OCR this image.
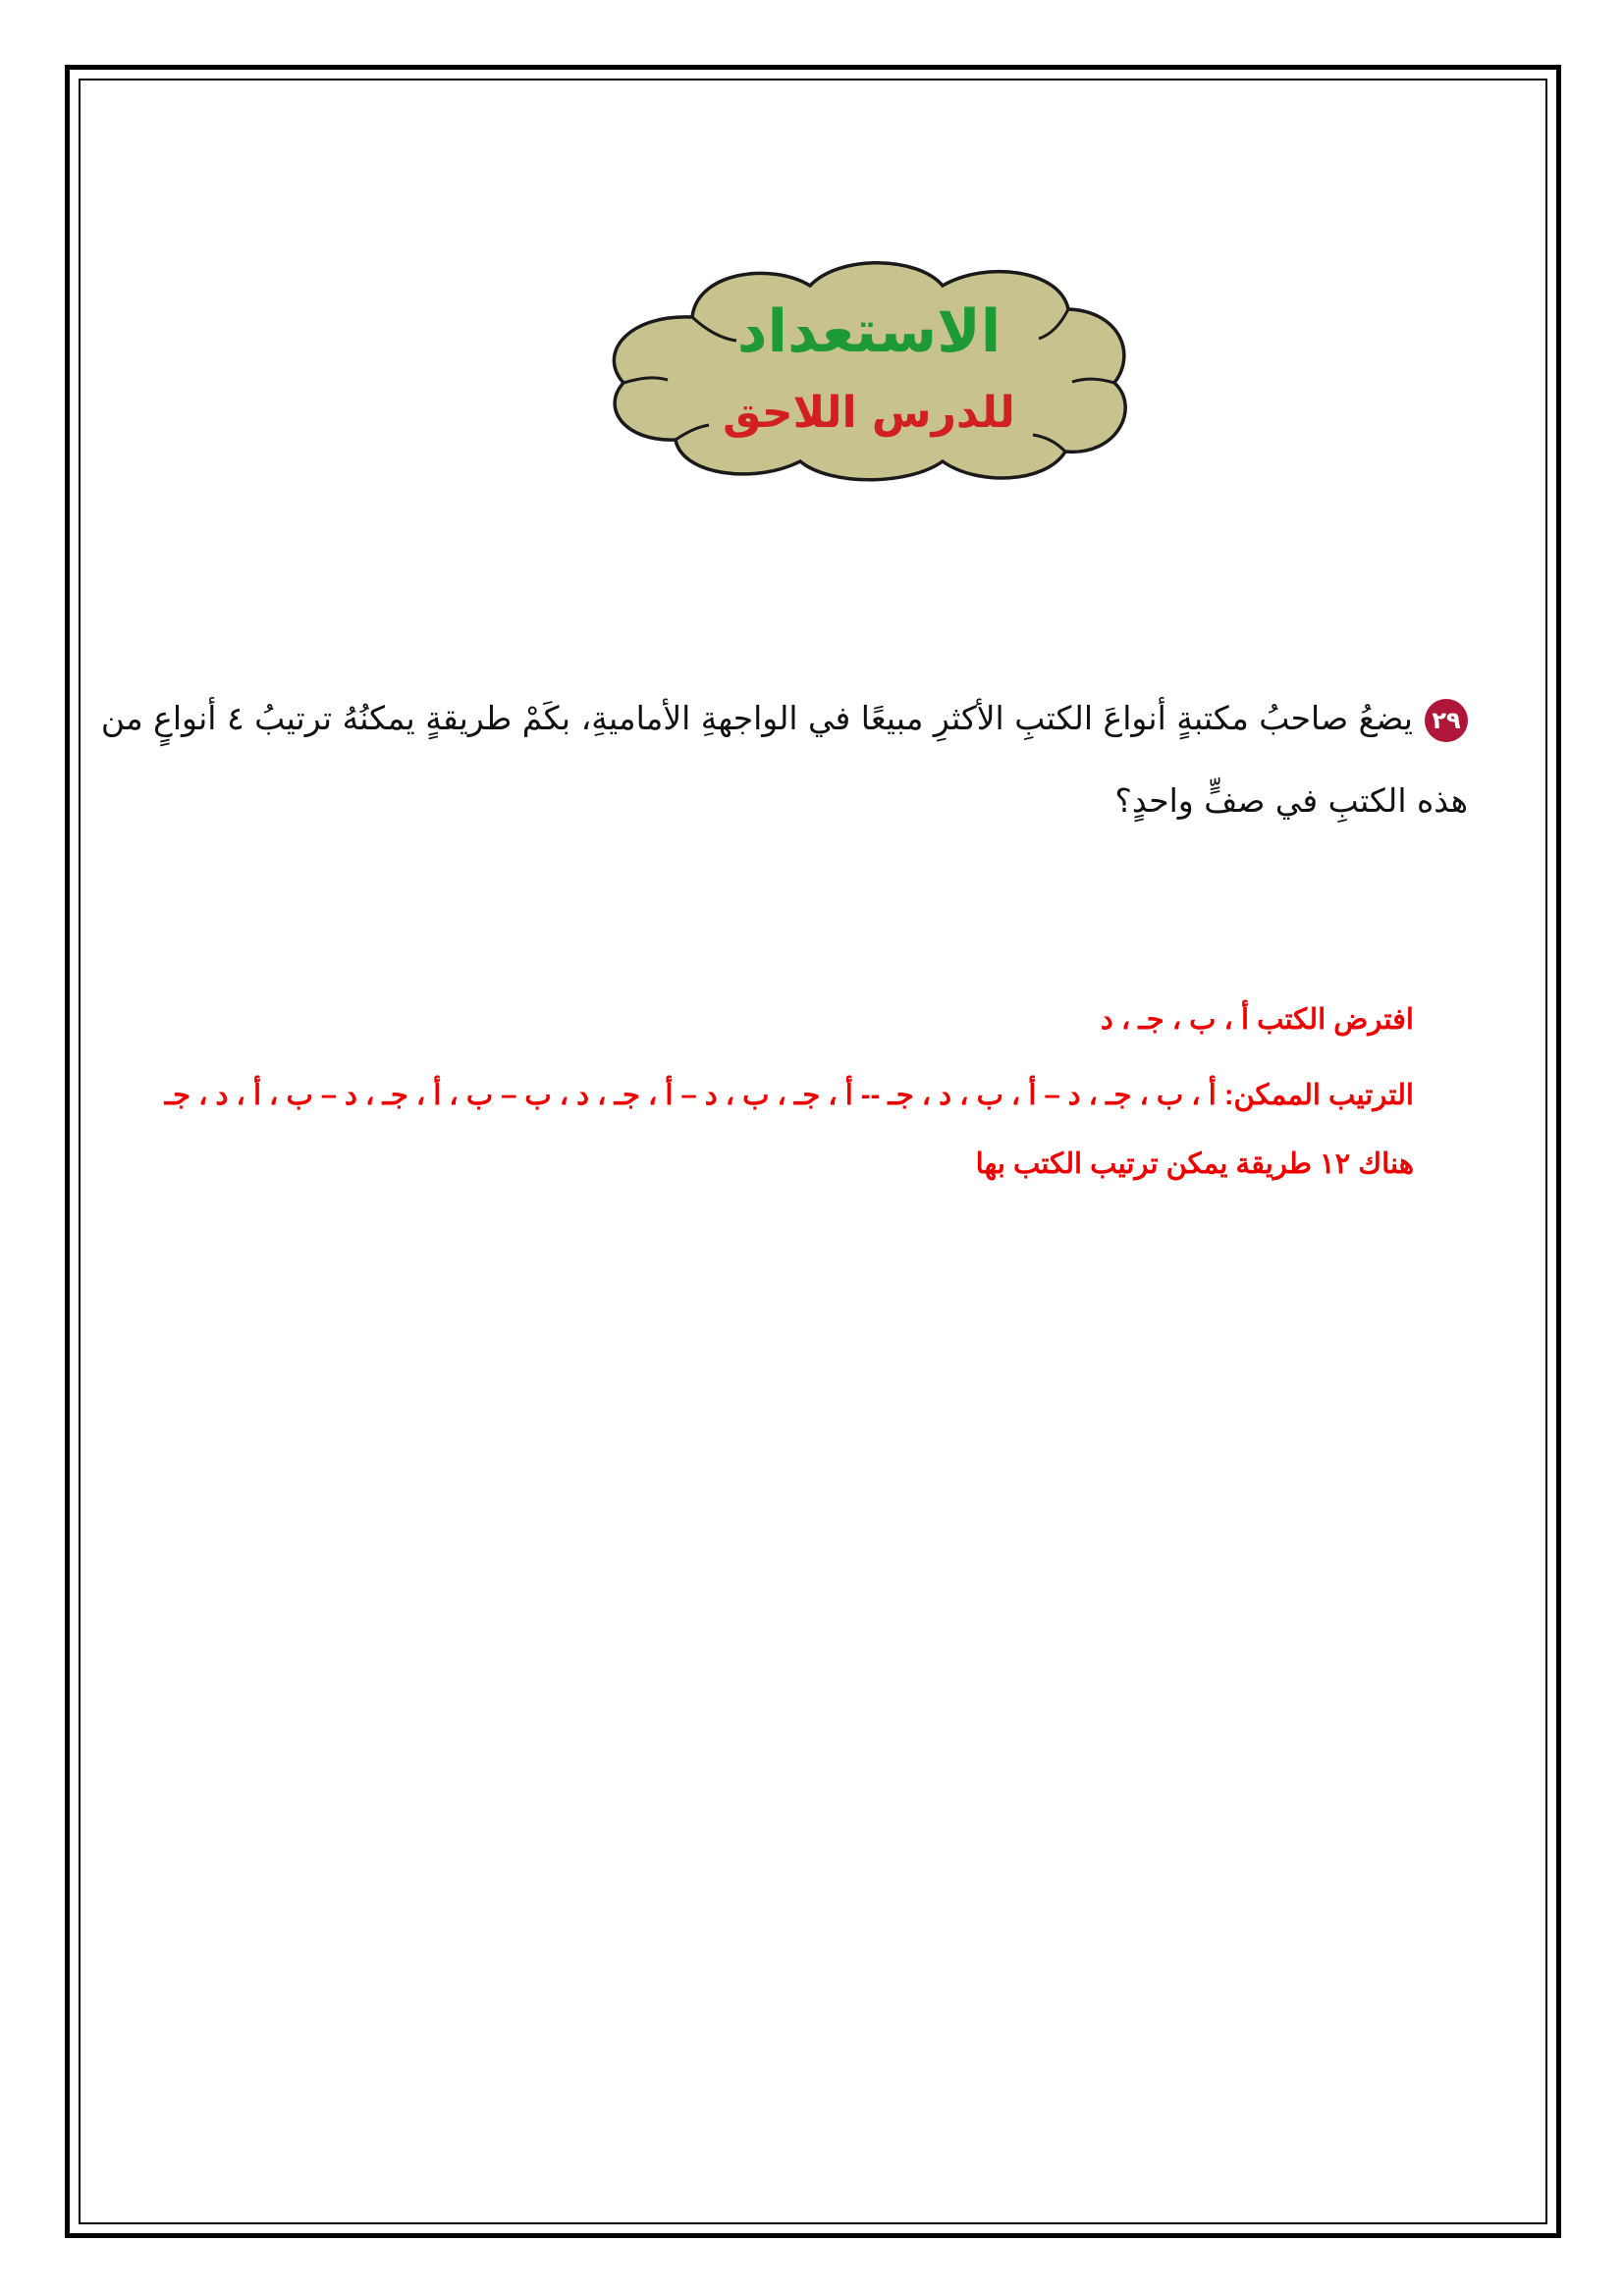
الاستعداد

للدرس اللاحق

٢٩يضعُ صاحبُ مكتبةٍ أنواعَ الكتبِ الأكثرِ مبيعًا في الواجهةِ الأماميةِ، بكَمْ طريقةٍ يمكنُهُ ترتيبُ ٤ أنواعٍ من هذه الكتبِ في صفٍّ واحدٍ؟

افترض الكتب أ ، ب ، جـ ، د

الترتيب الممكن: أ ، ب ، جـ ، د – أ ، ب ، د ، جـ -- أ ، جـ ، ب ، د – أ ، جـ ، د ، ب – ب ، أ ، جـ ، د – ب ، أ ، د ، جـ

هناك ١٢ طريقة يمكن ترتيب الكتب بها
